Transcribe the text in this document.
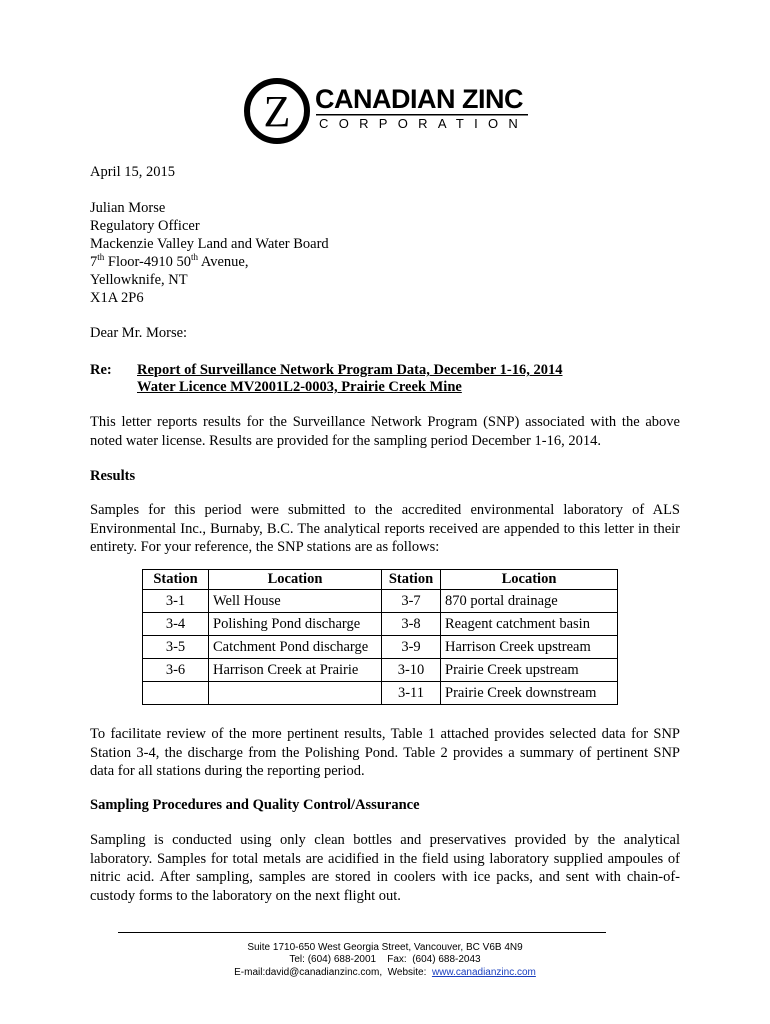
Z CANADIAN ZINC
CORPORATION
April 15, 2015
Julian Morse
Regulatory Officer
Mackenzie Valley Land and Water Board
7th Floor-4910 50th Avenue,
Yellowknife, NT
X1A 2P6
Dear Mr. Morse:
Re: Report of Surveillance Network Program Data, December 1-16, 2014
Water Licence MV2001L2-0003, Prairie Creek Mine
This letter reports results for the Surveillance Network Program (SNP) associated with the above noted water license. Results are provided for the sampling period December 1-16, 2014.
Results
Samples for this period were submitted to the accredited environmental laboratory of ALS Environmental Inc., Burnaby, B.C. The analytical reports received are appended to this letter in their entirety. For your reference, the SNP stations are as follows:
Station	Location	Station	Location
3-1	Well House	3-7	870 portal drainage
3-4	Polishing Pond discharge	3-8	Reagent catchment basin
3-5	Catchment Pond discharge	3-9	Harrison Creek upstream
3-6	Harrison Creek at Prairie	3-10	Prairie Creek upstream
		3-11	Prairie Creek downstream
To facilitate review of the more pertinent results, Table 1 attached provides selected data for SNP Station 3-4, the discharge from the Polishing Pond. Table 2 provides a summary of pertinent SNP data for all stations during the reporting period.
Sampling Procedures and Quality Control/Assurance
Sampling is conducted using only clean bottles and preservatives provided by the analytical laboratory. Samples for total metals are acidified in the field using laboratory supplied ampoules of nitric acid. After sampling, samples are stored in coolers with ice packs, and sent with chain-of-custody forms to the laboratory on the next flight out.
Suite 1710-650 West Georgia Street, Vancouver, BC V6B 4N9
Tel: (604) 688-2001    Fax:  (604) 688-2043
E-mail:david@canadianzinc.com,  Website:  www.canadianzinc.com
